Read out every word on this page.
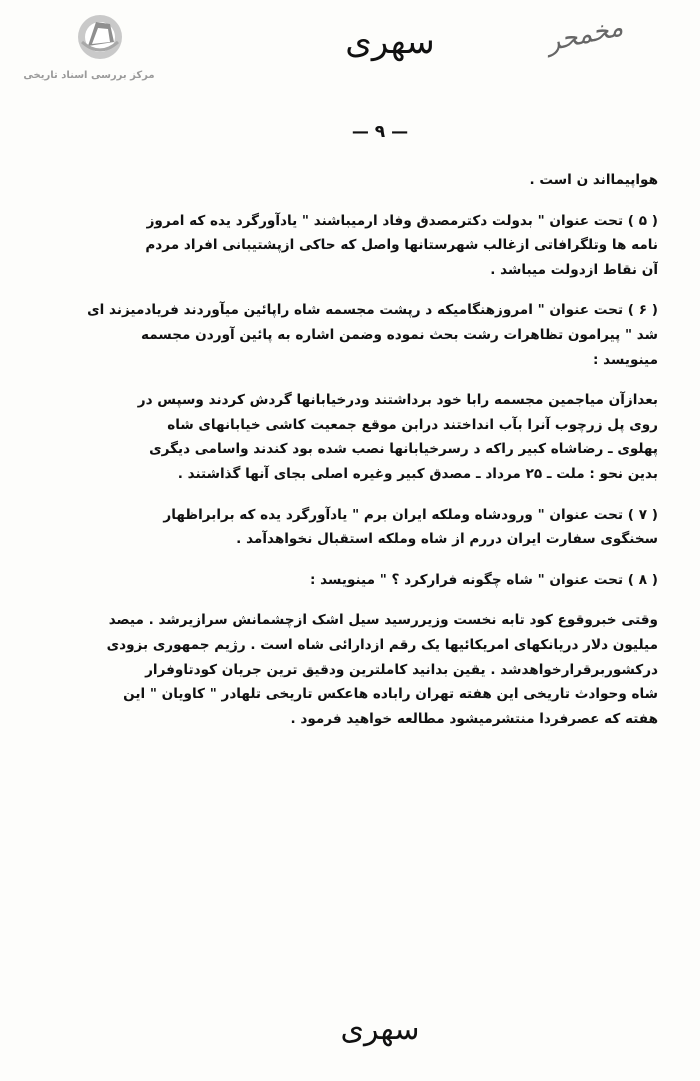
مرکز بررسی اسناد تاریخی
سهری	مخمحر
— ۹ —

هواپیمااند ن است .

( ۵ ) تحت عنوان " بدولت دکترمصدق وفاد ارمیباشند " یادآورگرد یده که امروز
نامه ها وتلگرافاتی ازغالب شهرستانها واصل که حاکی ازپشتیبانی افراد مردم
آن نقاط ازدولت میباشد .

( ۶ ) تحت عنوان " امروزهنگامیکه د رپشت مجسمه شاه راپائین میآوردند فریادمیزند ای
شد " پیرامون تظاهرات رشت بحث نموده وضمن اشاره به پائین آوردن مجسمه
مینویسد :

بعدازآن میاجمین مجسمه رابا خود برداشتند ودرخیابانها گردش کردند وسپس در
روی پل زرچوب آنرا بآب انداختند درابن موقع جمعیت کاشی خیابانهای شاه
پهلوی ـ رضاشاه کبیر راکه د رسرخیابانها نصب شده بود کندند واسامی دیگری
بدین نحو : ملت ـ ۲۵ مرداد ـ مصدق کبیر وغیره اصلی بجای آنها گذاشتند .

( ۷ ) تحت عنوان " ورودشاه وملکه ایران برم " یادآورگرد یده که برابراظهار
سخنگوی سفارت ایران دررم از شاه وملکه استقبال نخواهدآمد .

( ۸ ) تحت عنوان " شاه چگونه فرارکرد ؟ " مینویسد :

وقتی خبروقوع کود تابه نخست وزیررسید سیل اشک ازچشمانش سرازیرشد . میصد
میلیون دلار دریانکهای امریکائیها یک رقم ازدارائی شاه است . رژیم جمهوری بزودی
درکشوربرقرارخواهدشد . یقین بدانید کاملترین ودقیق ترین جریان کودتاوفرار
شاه وحوادث تاریخی این هفته تهران راباده هاعکس تاریخی تلهادر " کاویان " این
هفته که عصرفردا منتشرمیشود مطالعه خواهید فرمود .

سهری
